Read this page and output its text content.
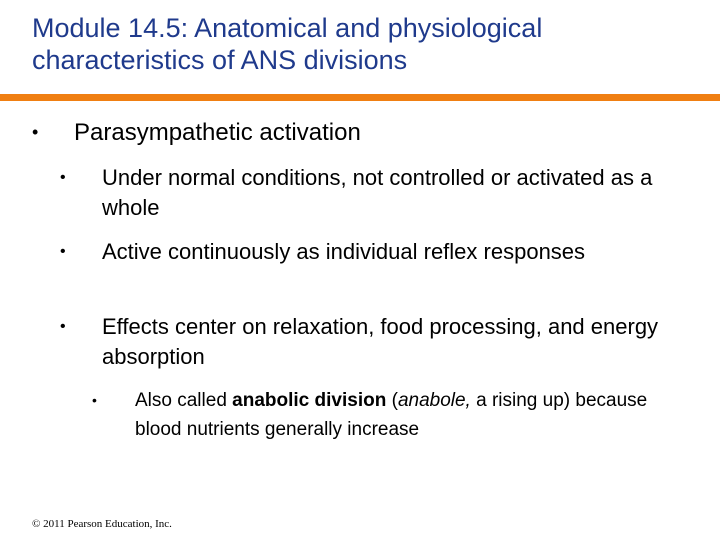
Module 14.5: Anatomical and physiological characteristics of ANS divisions
• Parasympathetic activation
• Under normal conditions, not controlled or activated as a whole
• Active continuously as individual reflex responses
• Effects center on relaxation, food processing, and energy absorption
• Also called anabolic division (anabole, a rising up) because blood nutrients generally increase
© 2011 Pearson Education, Inc.
